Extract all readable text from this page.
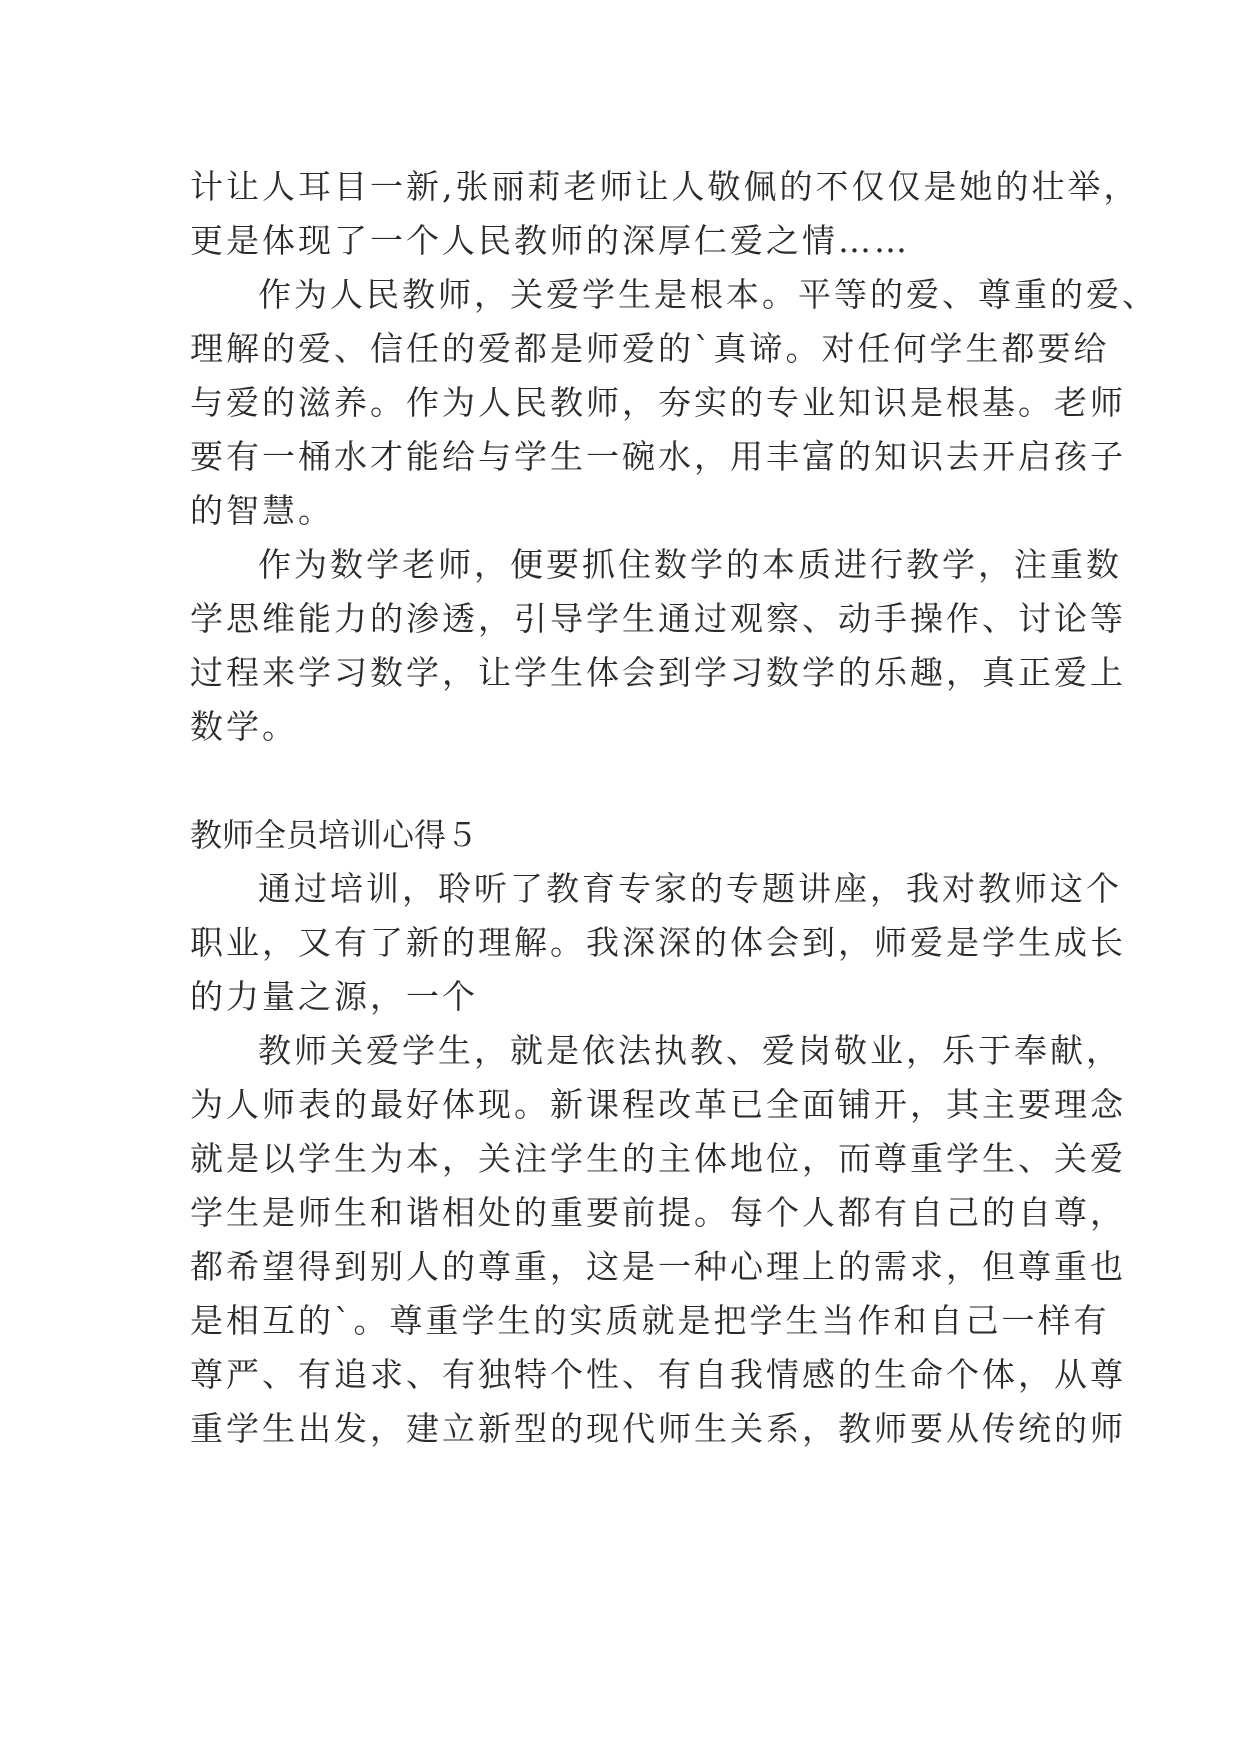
计让人耳目一新,张丽莉老师让人敬佩的不仅仅是她的壮举，
更是体现了一个人民教师的深厚仁爱之情……
作为人民教师，关爱学生是根本。平等的爱、尊重的爱、
理解的爱、信任的爱都是师爱的`真谛。对任何学生都要给
与爱的滋养。作为人民教师，夯实的专业知识是根基。老师
要有一桶水才能给与学生一碗水，用丰富的知识去开启孩子
的智慧。
作为数学老师，便要抓住数学的本质进行教学，注重数
学思维能力的渗透，引导学生通过观察、动手操作、讨论等
过程来学习数学，让学生体会到学习数学的乐趣，真正爱上
数学。
教师全员培训心得５
通过培训，聆听了教育专家的专题讲座，我对教师这个
职业，又有了新的理解。我深深的体会到，师爱是学生成长
的力量之源，一个
教师关爱学生，就是依法执教、爱岗敬业，乐于奉献，
为人师表的最好体现。新课程改革已全面铺开，其主要理念
就是以学生为本，关注学生的主体地位，而尊重学生、关爱
学生是师生和谐相处的重要前提。每个人都有自己的自尊，
都希望得到别人的尊重，这是一种心理上的需求，但尊重也
是相互的`。尊重学生的实质就是把学生当作和自己一样有
尊严、有追求、有独特个性、有自我情感的生命个体，从尊
重学生出发，建立新型的现代师生关系，教师要从传统的师
